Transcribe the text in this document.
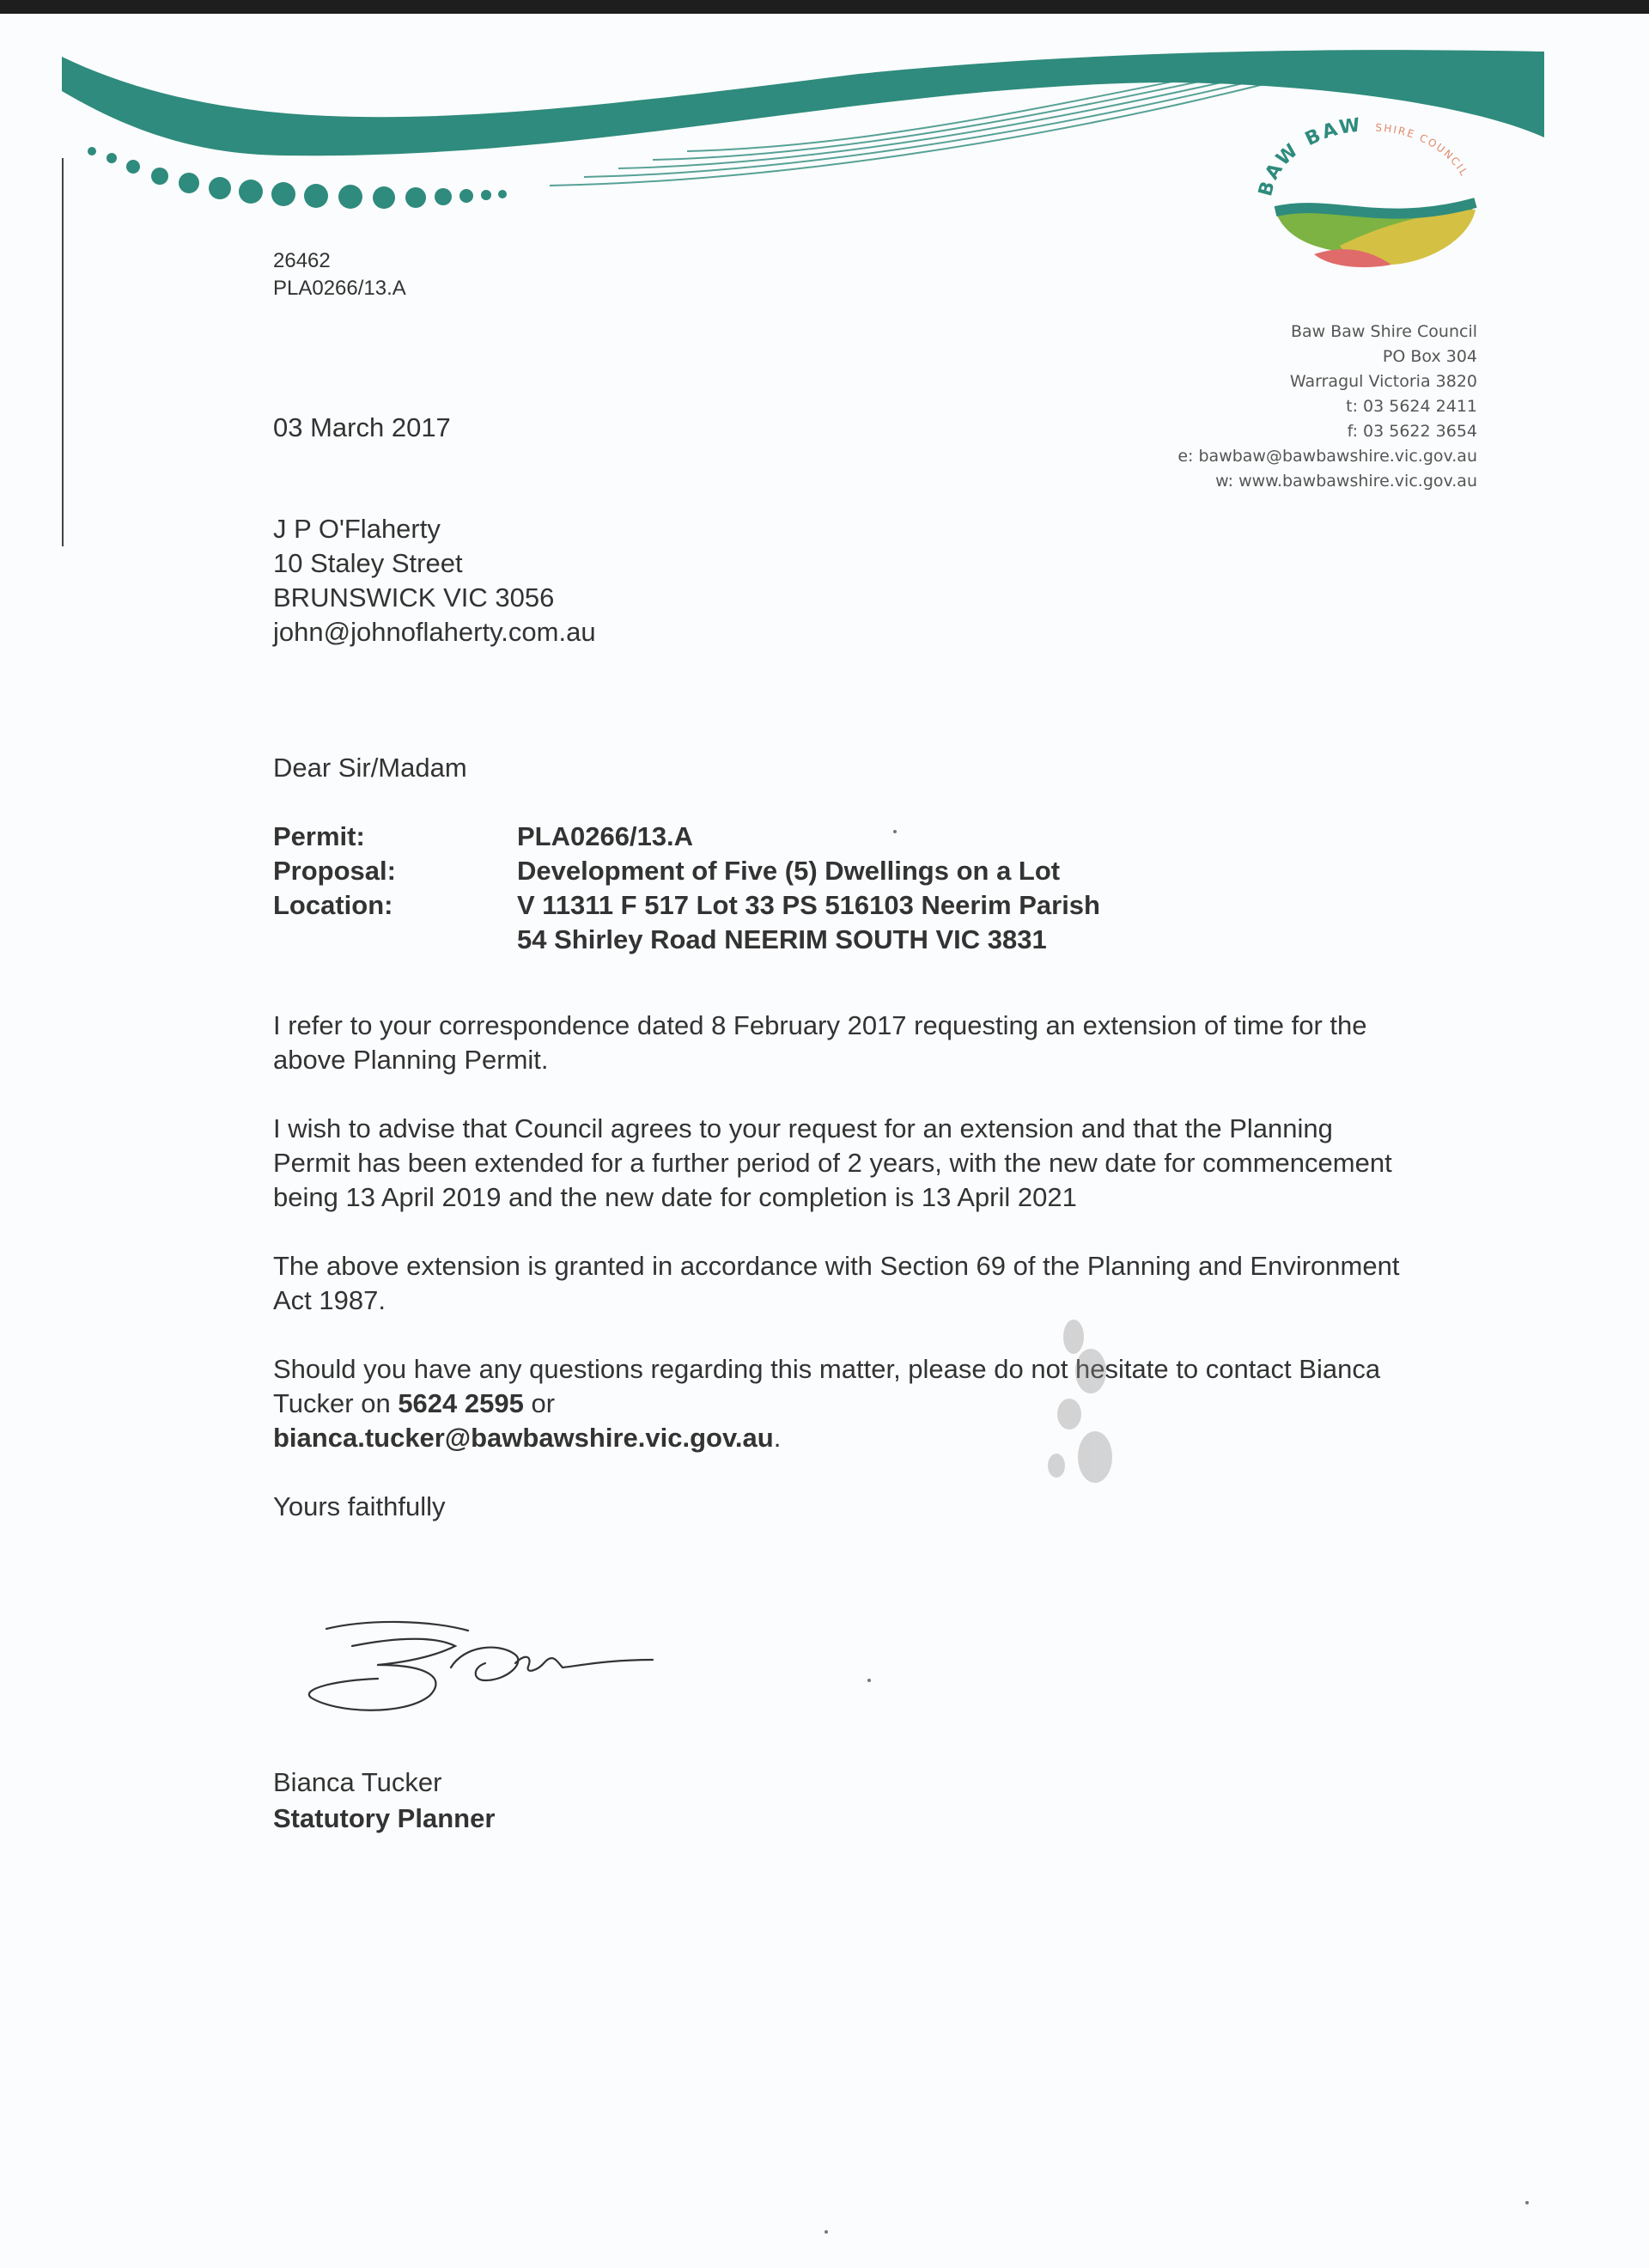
26462
PLA0266/13.A
BAW BAW SHIRE COUNCIL
Baw Baw Shire Council
PO Box 304
Warragul Victoria 3820
t: 03 5624 2411
f: 03 5622 3654
e: bawbaw@bawbawshire.vic.gov.au
w: www.bawbawshire.vic.gov.au
03 March 2017
J P O'Flaherty
10 Staley Street
BRUNSWICK VIC 3056
john@johnoflaherty.com.au
Dear Sir/Madam
Permit:	PLA0266/13.A
Proposal:	Development of Five (5) Dwellings on a Lot
Location:	V 11311 F 517 Lot 33 PS 516103 Neerim Parish
54 Shirley Road NEERIM SOUTH VIC 3831

I refer to your correspondence dated 8 February 2017 requesting an extension of time for the above Planning Permit.

I wish to advise that Council agrees to your request for an extension and that the Planning Permit has been extended for a further period of 2 years, with the new date for commencement being 13 April 2019 and the new date for completion is 13 April 2021

The above extension is granted in accordance with Section 69 of the Planning and Environment Act 1987.

Should you have any questions regarding this matter, please do not hesitate to contact Bianca Tucker on 5624 2595 or
bianca.tucker@bawbawshire.vic.gov.au.

Yours faithfully

Bianca Tucker
Statutory Planner
